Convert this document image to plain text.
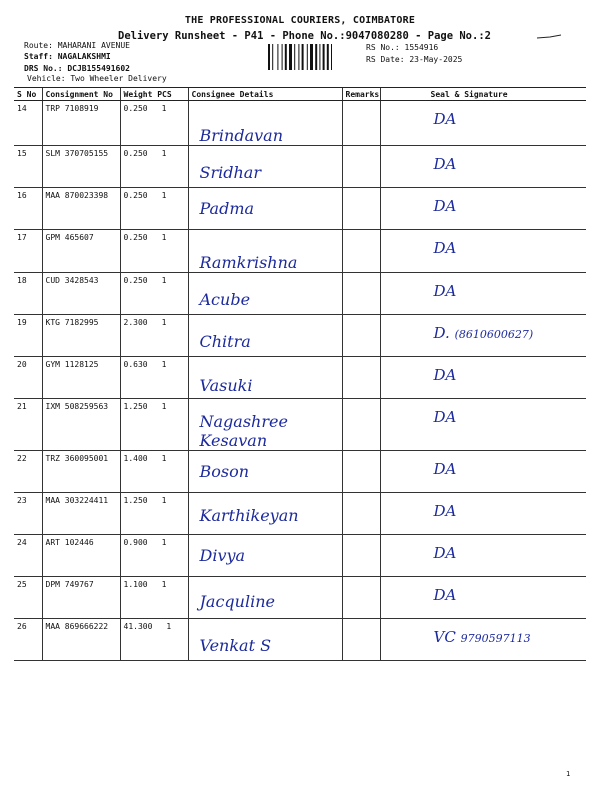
THE PROFESSIONAL COURIERS, COIMBATORE
Delivery Runsheet - P41 - Phone No.:9047080280 - Page No.:2
Route: MAHARANI AVENUE
Staff: NAGALAKSHMI
DRS No.: DCJB155491602
Vehicle: Two Wheeler Delivery
RS No.: 1554916
RS Date: 23-May-2025
S No	Consignment No	Weight PCS	Consignee Details	Remarks	Seal & Signature
14	TRP 7108919	0.250 1	Brindavan		DA
15	SLM 370705155	0.250 1	Sridhar		DA
16	MAA 870023398	0.250 1	Padma		DA
17	GPM 465607	0.250 1	Ramkrishna		DA
18	CUD 3428543	0.250 1	Acube		DA
19	KTG 7182995	2.300 1	Chitra		D. (8610600627)
20	GYM 1128125	0.630 1	Vasuki		DA
21	IXM 508259563	1.250 1	Nagashree Kesavan		DA
22	TRZ 360095001	1.400 1	Boson		DA
23	MAA 303224411	1.250 1	Karthikeyan		DA
24	ART 102446	0.900 1	Divya		DA
25	DPM 749767	1.100 1	Jacquline		DA
26	MAA 869666222	41.300 1	Venkat S		VC 9790597113
1
